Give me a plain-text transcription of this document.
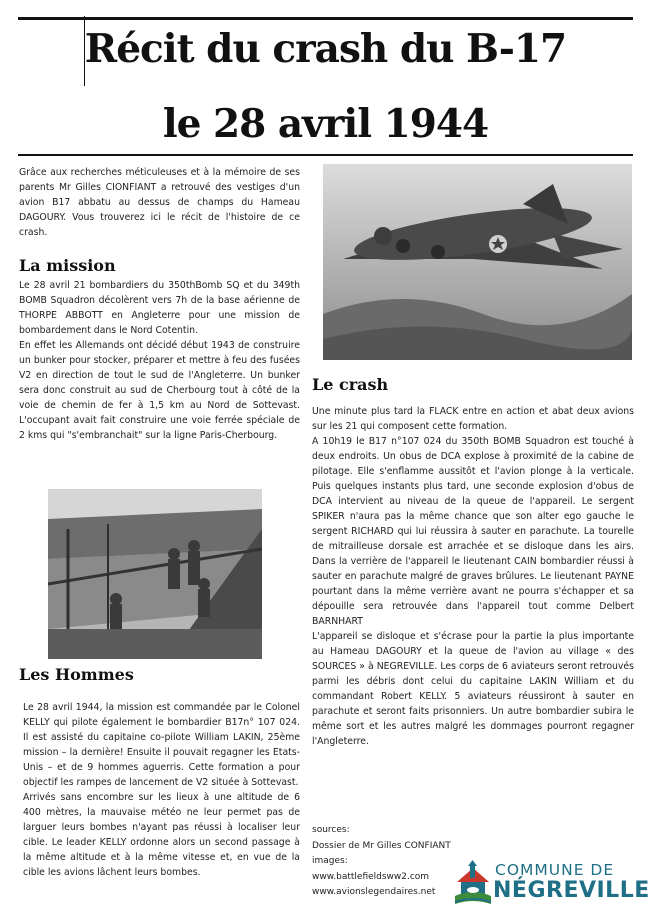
Récit du crash du B-17
le 28 avril 1944

Grâce aux recherches méticuleuses et à la mémoire de ses parents Mr Gilles CIONFIANT a retrouvé des vestiges d'un avion B17 abbatu au dessus de champs du Hameau DAGOURY. Vous trouverez ici le récit de l'histoire de ce crash.

La mission

Le 28 avril 21 bombardiers du 350thBomb SQ et du 349th BOMB Squadron décolèrent vers 7h de la base aérienne de THORPE ABBOTT en Angleterre pour une mission de bombardement dans le Nord Cotentin.

En effet les Allemands ont décidé début 1943 de construire un bunker pour stocker, préparer et mettre à feu des fusées V2 en direction de tout le sud de l'Angleterre. Un bunker sera donc construit au sud de Cherbourg tout à côté de la voie de chemin de fer à 1,5 km au Nord de Sottevast. L'occupant avait fait construire une voie ferrée spéciale de 2 kms qui "s'embranchait" sur la ligne Paris-Cherbourg.

Les Hommes

Le 28 avril 1944, la mission est commandée par le Colonel KELLY qui pilote également le bombardier B17n° 107 024. Il est assisté du capitaine co-pilote William LAKIN, 25ème mission – la dernière! Ensuite il pouvait regagner les Etats-Unis – et de 9 hommes aguerris. Cette formation a pour objectif les rampes de lancement de V2 située à Sottevast.

Arrivés sans encombre sur les lieux à une altitude de 6 400 mètres, la mauvaise météo ne leur permet pas de larguer leurs bombes n'ayant pas réussi à localiser leur cible. Le leader KELLY ordonne alors un second passage à la même altitude et à la même vitesse et, en vue de la cible les avions lâchent leurs bombes.

Le crash

Une minute plus tard la FLACK entre en action et abat deux avions sur les 21 qui composent cette formation.

A 10h19 le B17 n°107 024 du 350th BOMB Squadron est touché à deux endroits. Un obus de DCA explose à proximité de la cabine de pilotage. Elle s'enflamme aussitôt et l'avion plonge à la verticale. Puis quelques instants plus tard, une seconde explosion d'obus de DCA intervient au niveau de la queue de l'appareil. Le sergent SPIKER n'aura pas la même chance que son alter ego gauche le sergent RICHARD qui lui réussira à sauter en parachute. La tourelle de mitrailleuse dorsale est arrachée et se disloque dans les airs. Dans la verrière de l'appareil le lieutenant CAIN bombardier réussi à sauter en parachute malgré de graves brûlures. Le lieutenant PAYNE pourtant dans la même verrière avant ne pourra s'échapper et sa dépouille sera retrouvée dans l'appareil tout comme Delbert BARNHART

L'appareil se disloque et s'écrase pour la partie la plus importante au Hameau DAGOURY et la queue de l'avion au village « des SOURCES » à NEGREVILLE. Les corps de 6 aviateurs seront retrouvés parmi les débris dont celui du capitaine LAKIN William et du commandant Robert KELLY. 5 aviateurs réussiront à sauter en parachute et seront faits prisonniers. Un autre bombardier subira le même sort et les autres malgré les dommages pourront regagner l'Angleterre.

sources:
Dossier de Mr Gilles CONFIANT
images:
www.battlefieldsww2.com
www.avionslegendaires.net
COMMUNE DE
NÉGREVILLE
